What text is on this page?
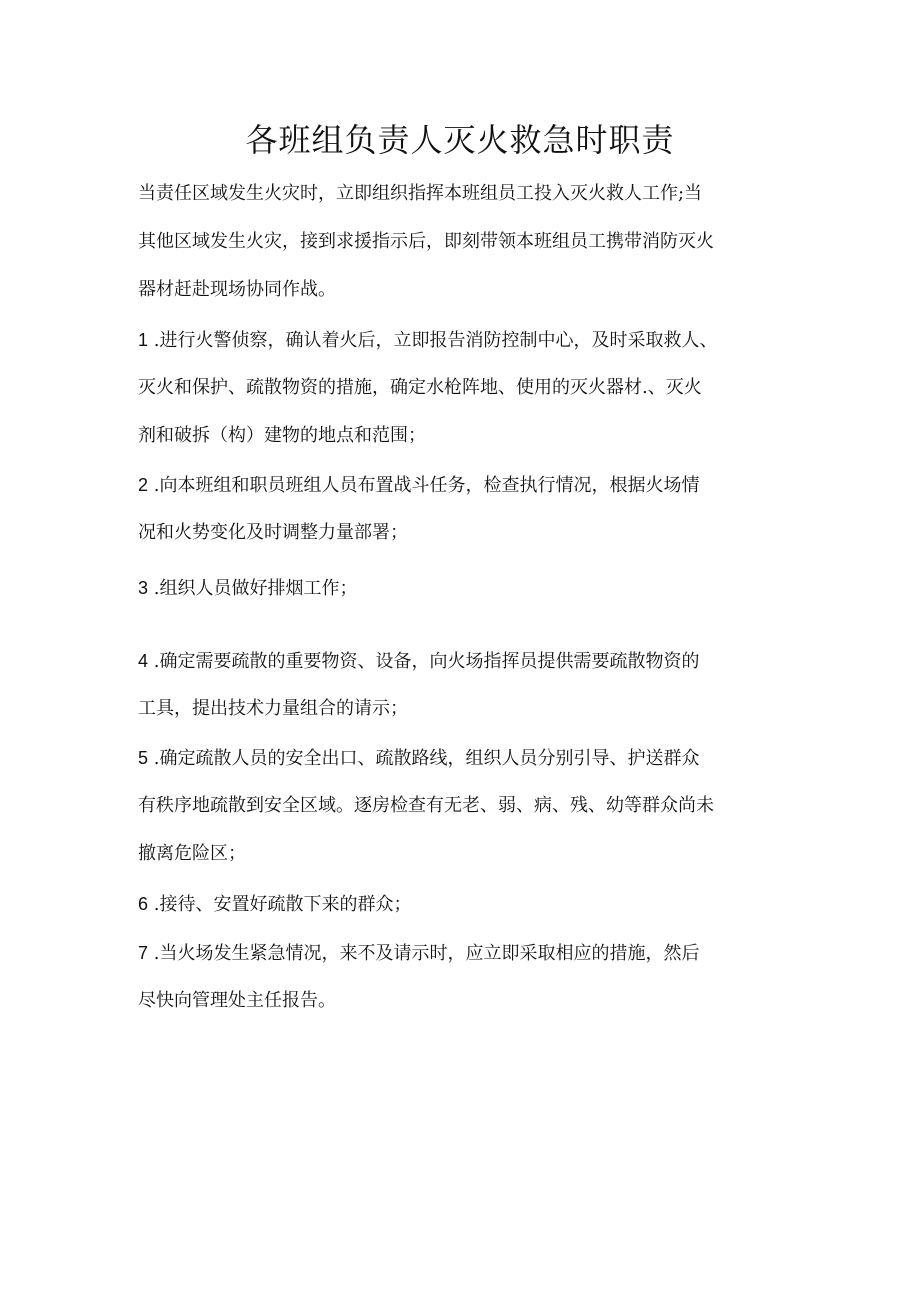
各班组负责人灭火救急时职责
当责任区域发生火灾时，立即组织指挥本班组员工投入灭火救人工作;当
其他区域发生火灾，接到求援指示后，即刻带领本班组员工携带消防灭火
器材赶赴现场协同作战。
1 .进行火警侦察，确认着火后，立即报告消防控制中心，及时采取救人、
灭火和保护、疏散物资的措施，确定水枪阵地、使用的灭火器材.、灭火
剂和破拆（构）建物的地点和范围；
2 .向本班组和职员班组人员布置战斗任务，检查执行情况，根据火场情
况和火势变化及时调整力量部署；
3 .组织人员做好排烟工作；
4 .确定需要疏散的重要物资、设备，向火场指挥员提供需要疏散物资的
工具，提出技术力量组合的请示；
5 .确定疏散人员的安全出口、疏散路线，组织人员分别引导、护送群众
有秩序地疏散到安全区域。逐房检查有无老、弱、病、残、幼等群众尚未
撤离危险区；
6 .接待、安置好疏散下来的群众；
7 .当火场发生紧急情况，来不及请示时，应立即采取相应的措施，然后
尽快向管理处主任报告。
